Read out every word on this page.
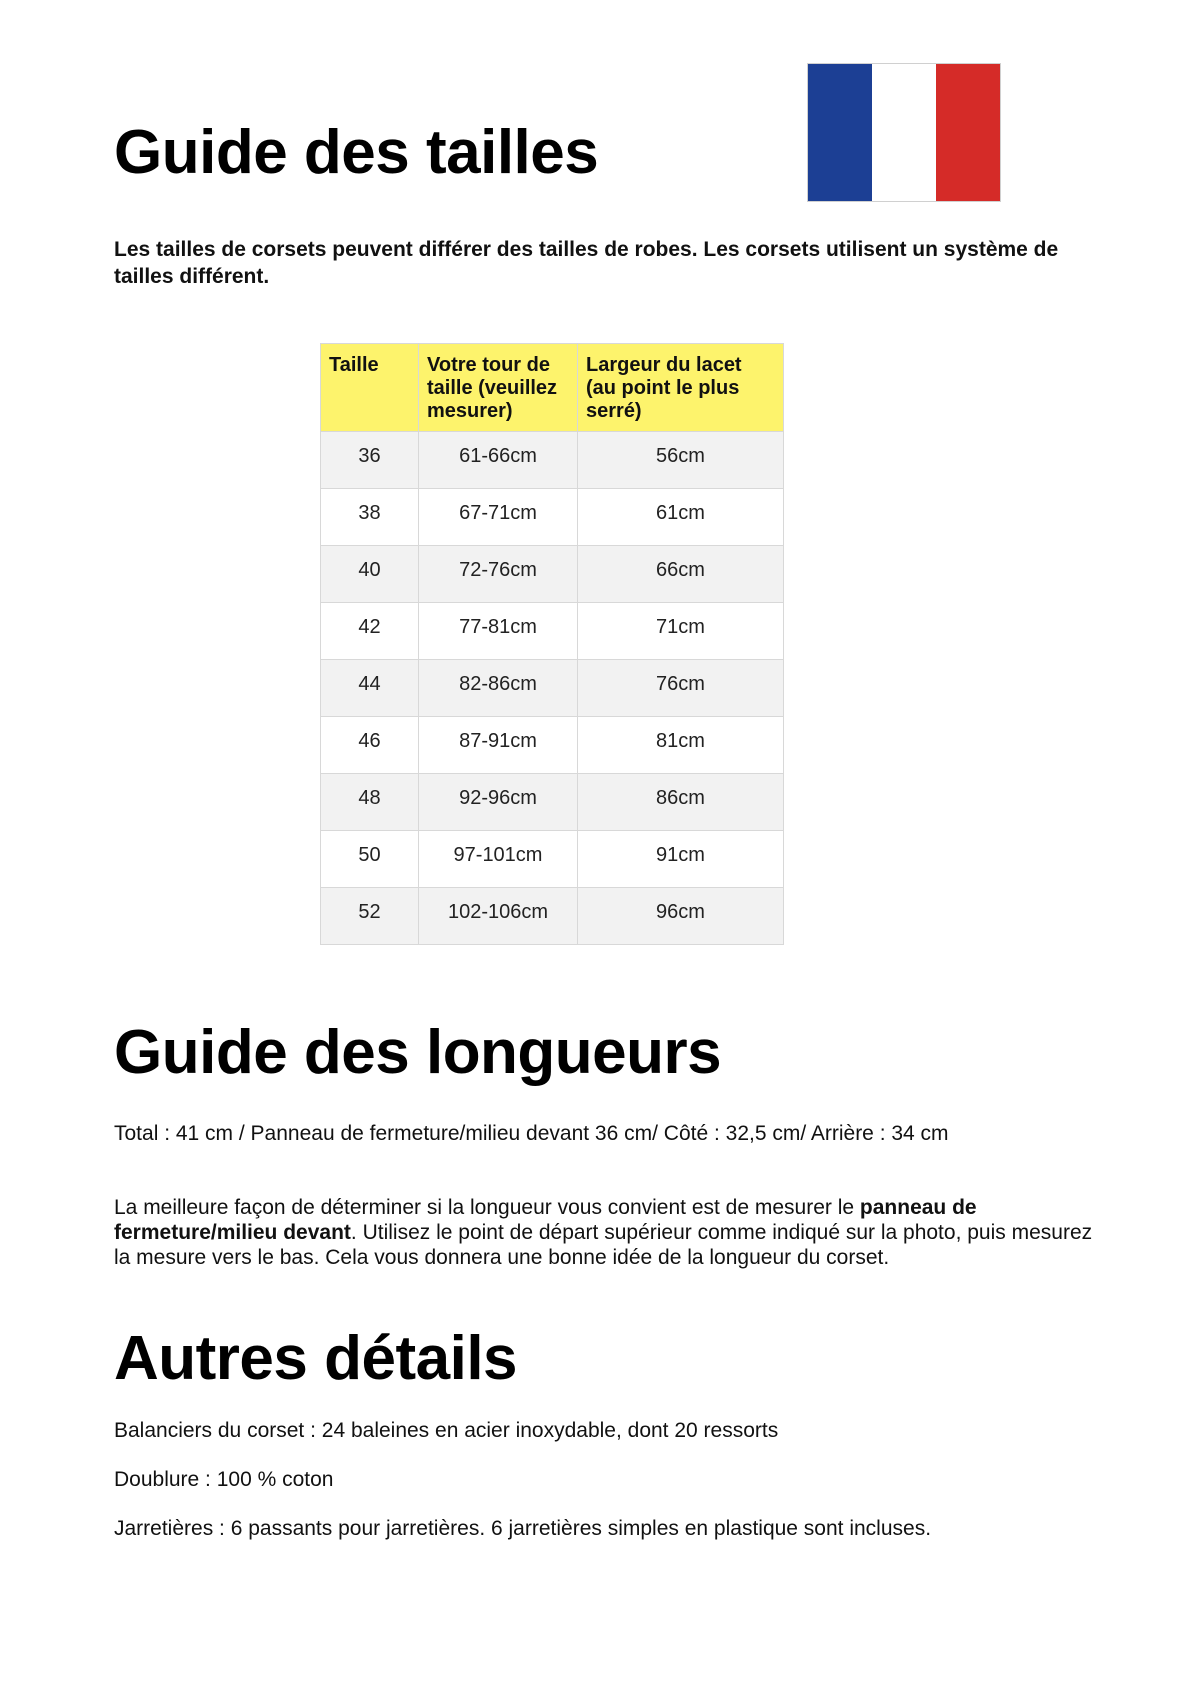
Guide des tailles

Les tailles de corsets peuvent différer des tailles de robes. Les corsets utilisent un système de tailles différent.

Taille	Votre tour de taille (veuillez mesurer)	Largeur du lacet (au point le plus serré)
36	61-66cm	56cm
38	67-71cm	61cm
40	72-76cm	66cm
42	77-81cm	71cm
44	82-86cm	76cm
46	87-91cm	81cm
48	92-96cm	86cm
50	97-101cm	91cm
52	102-106cm	96cm
Guide des longueurs

Total : 41 cm / Panneau de fermeture/milieu devant 36 cm/ Côté : 32,5 cm/ Arrière : 34 cm

La meilleure façon de déterminer si la longueur vous convient est de mesurer le panneau de fermeture/milieu devant. Utilisez le point de départ supérieur comme indiqué sur la photo, puis mesurez la mesure vers le bas. Cela vous donnera une bonne idée de la longueur du corset.

Autres détails

Balanciers du corset : 24 baleines en acier inoxydable, dont 20 ressorts

Doublure : 100 % coton

Jarretières : 6 passants pour jarretières. 6 jarretières simples en plastique sont incluses.
